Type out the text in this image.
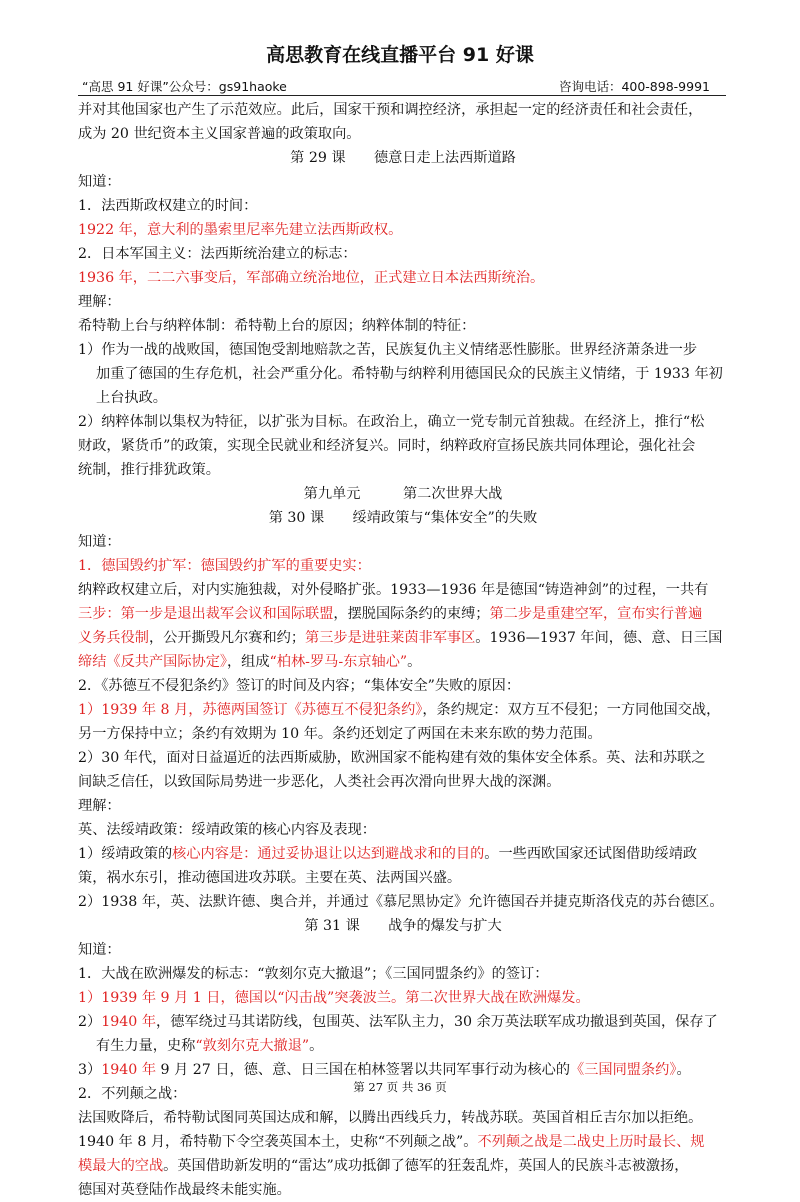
高思教育在线直播平台 91 好课
“高思 91 好课”公众号：gs91haoke	咨询电话：400-898-9991

并对其他国家也产生了示范效应。此后，国家干预和调控经济，承担起一定的经济责任和社会责任，

成为 20 世纪资本主义国家普遍的政策取向。

第 29 课　　德意日走上法西斯道路

知道：

1．法西斯政权建立的时间：

1922 年，意大利的墨索里尼率先建立法西斯政权。

2．日本军国主义：法西斯统治建立的标志：

1936 年，二二六事变后，军部确立统治地位，正式建立日本法西斯统治。

理解：

希特勒上台与纳粹体制：希特勒上台的原因；纳粹体制的特征：

1）作为一战的战败国，德国饱受割地赔款之苦，民族复仇主义情绪恶性膨胀。世界经济萧条进一步

加重了德国的生存危机，社会严重分化。希特勒与纳粹利用德国民众的民族主义情绪，于 1933 年初

上台执政。

2）纳粹体制以集权为特征，以扩张为目标。在政治上，确立一党专制元首独裁。在经济上，推行“松

财政，紧货币”的政策，实现全民就业和经济复兴。同时，纳粹政府宣扬民族共同体理论，强化社会

统制，推行排犹政策。

第九单元　　　第二次世界大战

第 30 课　　绥靖政策与“集体安全”的失败

知道：

1．德国毁约扩军：德国毁约扩军的重要史实：

纳粹政权建立后，对内实施独裁，对外侵略扩张。1933—1936 年是德国“铸造神剑”的过程，一共有

三步：第一步是退出裁军会议和国际联盟，摆脱国际条约的束缚；第二步是重建空军，宣布实行普遍

义务兵役制，公开撕毁凡尔赛和约；第三步是进驻莱茵非军事区。1936—1937 年间，德、意、日三国

缔结《反共产国际协定》，组成“柏林-罗马-东京轴心”。

2．《苏德互不侵犯条约》签订的时间及内容；“集体安全”失败的原因：

1）1939 年 8 月，苏德两国签订《苏德互不侵犯条约》，条约规定：双方互不侵犯；一方同他国交战，

另一方保持中立；条约有效期为 10 年。条约还划定了两国在未来东欧的势力范围。

2）30 年代，面对日益逼近的法西斯威胁，欧洲国家不能构建有效的集体安全体系。英、法和苏联之

间缺乏信任，以致国际局势进一步恶化，人类社会再次滑向世界大战的深渊。

理解：

英、法绥靖政策：绥靖政策的核心内容及表现：

1）绥靖政策的核心内容是：通过妥协退让以达到避战求和的目的。一些西欧国家还试图借助绥靖政

策，祸水东引，推动德国进攻苏联。主要在英、法两国兴盛。

2）1938 年，英、法默许德、奥合并，并通过《慕尼黑协定》允许德国吞并捷克斯洛伐克的苏台德区。

第 31 课　　战争的爆发与扩大

知道：

1．大战在欧洲爆发的标志：“敦刻尔克大撤退”；《三国同盟条约》的签订：

1）1939 年 9 月 1 日，德国以“闪击战”突袭波兰。第二次世界大战在欧洲爆发。

2）1940 年，德军绕过马其诺防线，包围英、法军队主力，30 余万英法联军成功撤退到英国，保存了

有生力量，史称“敦刻尔克大撤退”。

3）1940 年 9 月 27 日，德、意、日三国在柏林签署以共同军事行动为核心的《三国同盟条约》。

2．不列颠之战：

法国败降后，希特勒试图同英国达成和解，以腾出西线兵力，转战苏联。英国首相丘吉尔加以拒绝。

1940 年 8 月，希特勒下令空袭英国本土，史称“不列颠之战”。不列颠之战是二战史上历时最长、规

模最大的空战。英国借助新发明的“雷达”成功抵御了德军的狂轰乱炸，英国人的民族斗志被激扬，

德国对英登陆作战最终未能实施。

第 27 页 共 36 页
